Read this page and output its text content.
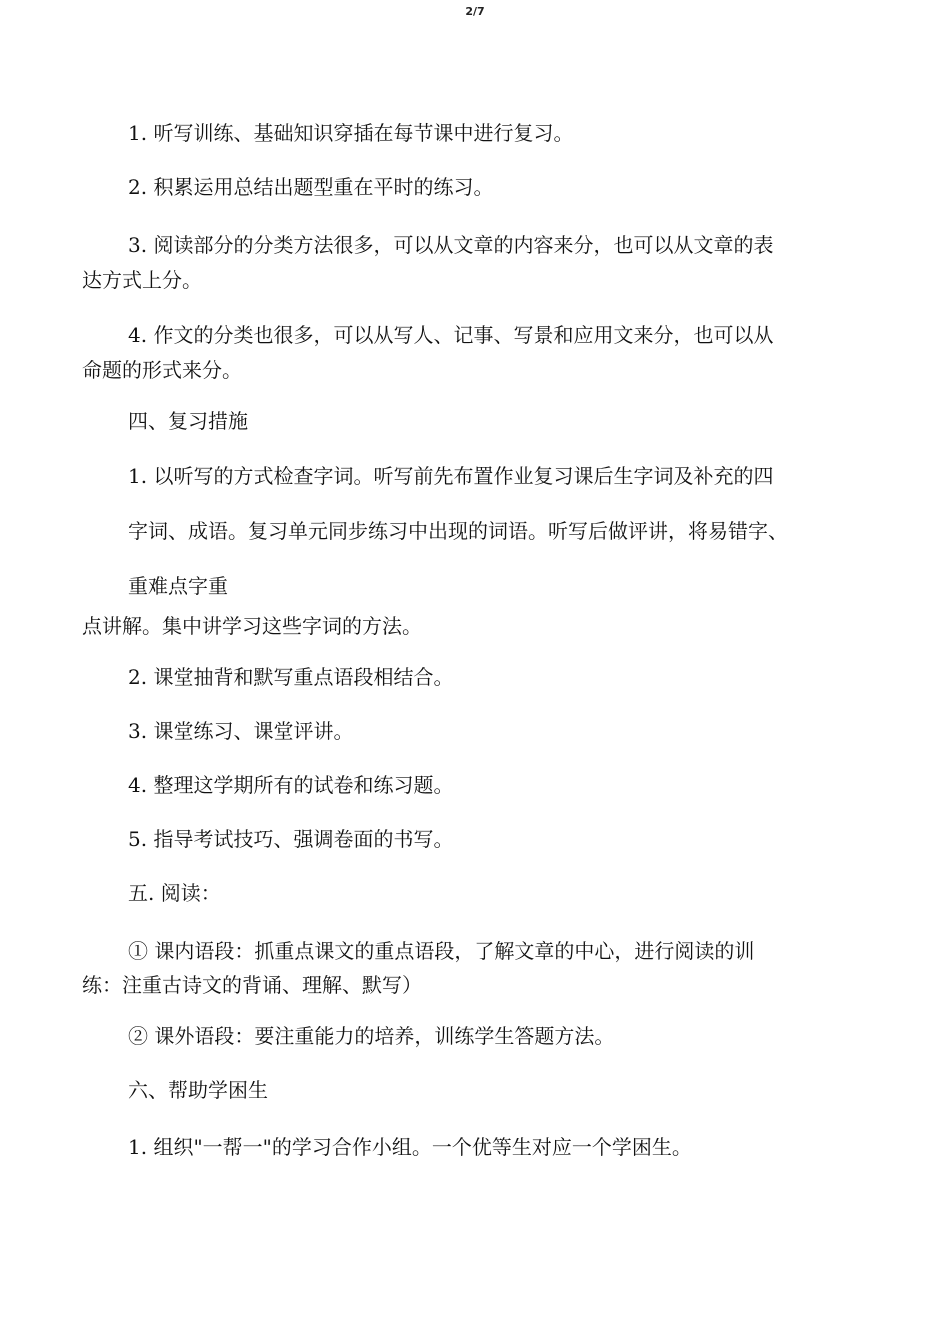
2/7

1. 听写训练、基础知识穿插在每节课中进行复习。

2. 积累运用总结出题型重在平时的练习。

3. 阅读部分的分类方法很多，可以从文章的内容来分，也可以从文章的表

达方式上分。

4. 作文的分类也很多，可以从写人、记事、写景和应用文来分，也可以从

命题的形式来分。

四、复习措施

1. 以听写的方式检查字词。听写前先布置作业复习课后生字词及补充的四

字词、成语。复习单元同步练习中出现的词语。听写后做评讲，将易错字、

重难点字重

点讲解。集中讲学习这些字词的方法。

2. 课堂抽背和默写重点语段相结合。

3. 课堂练习、课堂评讲。

4. 整理这学期所有的试卷和练习题。

5. 指导考试技巧、强调卷面的书写。

五. 阅读：

① 课内语段：抓重点课文的重点语段，了解文章的中心，进行阅读的训

练：注重古诗文的背诵、理解、默写）

② 课外语段：要注重能力的培养，训练学生答题方法。

六、帮助学困生

1. 组织"一帮一"的学习合作小组。一个优等生对应一个学困生。
